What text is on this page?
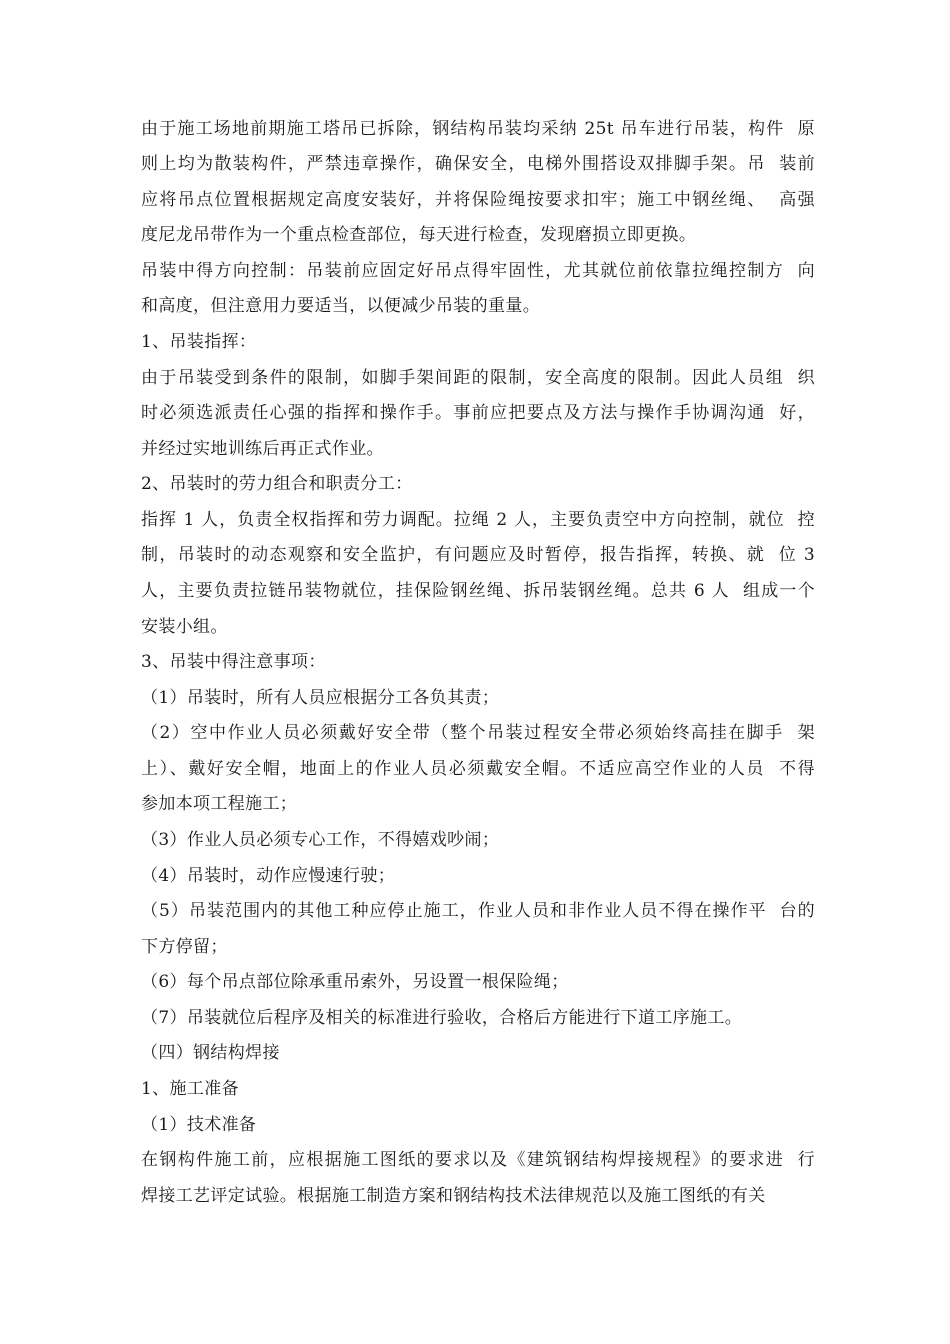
由于施工场地前期施工塔吊已拆除，钢结构吊装均采纳 25t 吊车进行吊装，构件  原
则上均为散装构件，严禁违章操作，确保安全，电梯外围搭设双排脚手架。吊  装前
应将吊点位置根据规定高度安装好，并将保险绳按要求扣牢；施工中钢丝绳、  高强
度尼龙吊带作为一个重点检查部位，每天进行检查，发现磨损立即更换。
吊装中得方向控制：吊装前应固定好吊点得牢固性，尤其就位前依靠拉绳控制方  向
和高度，但注意用力要适当，以便减少吊装的重量。
1、吊装指挥：
由于吊装受到条件的限制，如脚手架间距的限制，安全高度的限制。因此人员组  织
时必须选派责任心强的指挥和操作手。事前应把要点及方法与操作手协调沟通  好，
并经过实地训练后再正式作业。
2、吊装时的劳力组合和职责分工：
指挥 1 人，负责全权指挥和劳力调配。拉绳 2 人，主要负责空中方向控制，就位  控
制，吊装时的动态观察和安全监护，有问题应及时暂停，报告指挥，转换、就  位 3
人，主要负责拉链吊装物就位，挂保险钢丝绳、拆吊装钢丝绳。总共 6 人  组成一个
安装小组。
3、吊装中得注意事项：
（1）吊装时，所有人员应根据分工各负其责；
（2）空中作业人员必须戴好安全带（整个吊装过程安全带必须始终高挂在脚手  架
上）、戴好安全帽，地面上的作业人员必须戴安全帽。不适应高空作业的人员  不得
参加本项工程施工；
（3）作业人员必须专心工作，不得嬉戏吵闹；
（4）吊装时，动作应慢速行驶；
（5）吊装范围内的其他工种应停止施工，作业人员和非作业人员不得在操作平  台的
下方停留；
（6）每个吊点部位除承重吊索外，另设置一根保险绳；
（7）吊装就位后程序及相关的标准进行验收，合格后方能进行下道工序施工。
（四）钢结构焊接
1、施工准备
（1）技术准备
在钢构件施工前，应根据施工图纸的要求以及《建筑钢结构焊接规程》的要求进  行
焊接工艺评定试验。根据施工制造方案和钢结构技术法律规范以及施工图纸的有关
